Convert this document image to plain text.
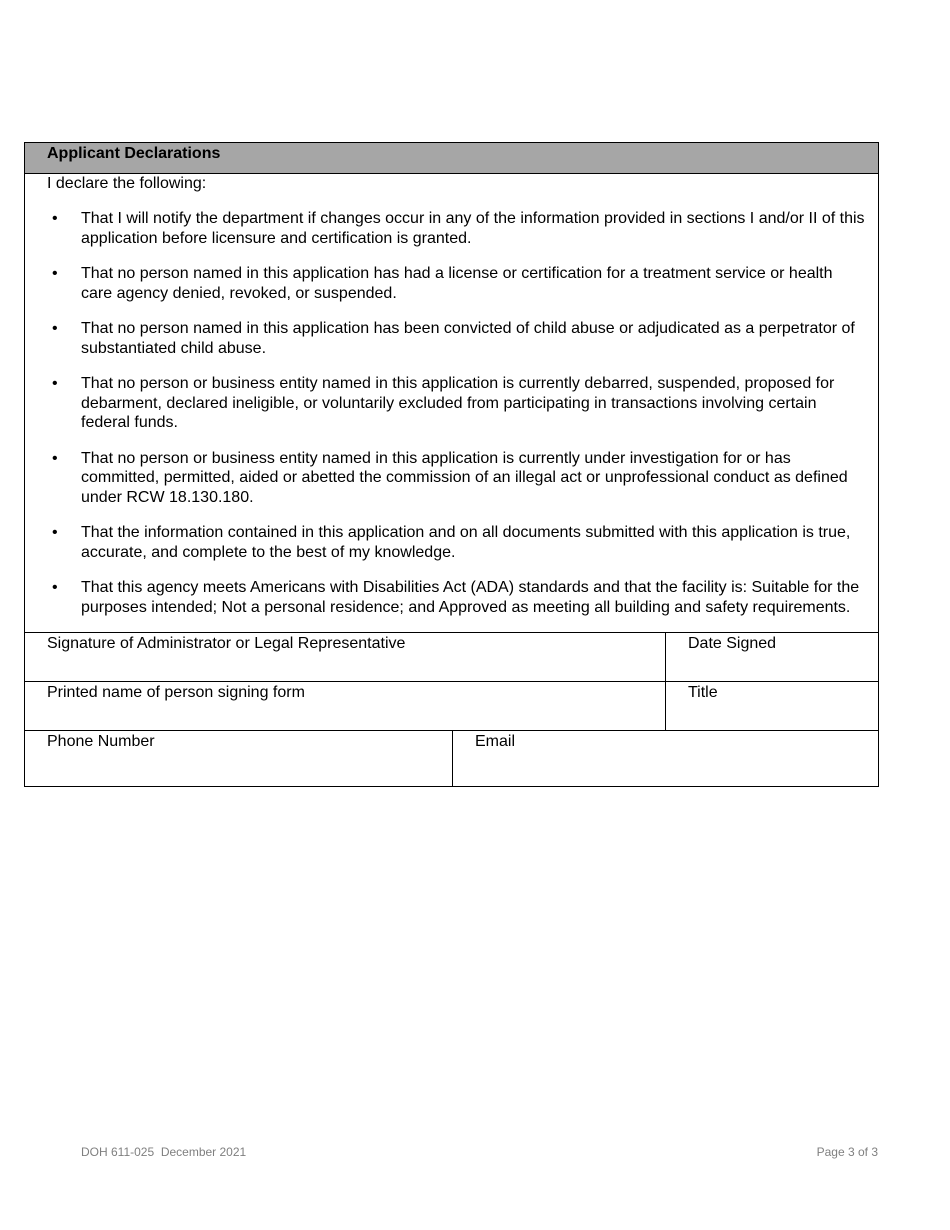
Applicant Declarations

I declare the following:

• That I will notify the department if changes occur in any of the information provided in sections I and/or II of this application before licensure and certification is granted.
• That no person named in this application has had a license or certification for a treatment service or health care agency denied, revoked, or suspended.
• That no person named in this application has been convicted of child abuse or adjudicated as a perpetrator of substantiated child abuse.
• That no person or business entity named in this application is currently debarred, suspended, proposed for debarment, declared ineligible, or voluntarily excluded from participating in transactions involving certain federal funds.
• That no person or business entity named in this application is currently under investigation for or has committed, permitted, aided or abetted the commission of an illegal act or unprofessional conduct as defined under RCW 18.130.180.
• That the information contained in this application and on all documents submitted with this application is true, accurate, and complete to the best of my knowledge.
• That this agency meets Americans with Disabilities Act (ADA) standards and that the facility is: Suitable for the purposes intended; Not a personal residence; and Approved as meeting all building and safety requirements.
Signature of Administrator or Legal Representative	Date Signed
Printed name of person signing form	Title
Phone Number	Email
DOH 611-025  December 2021	Page 3 of 3
